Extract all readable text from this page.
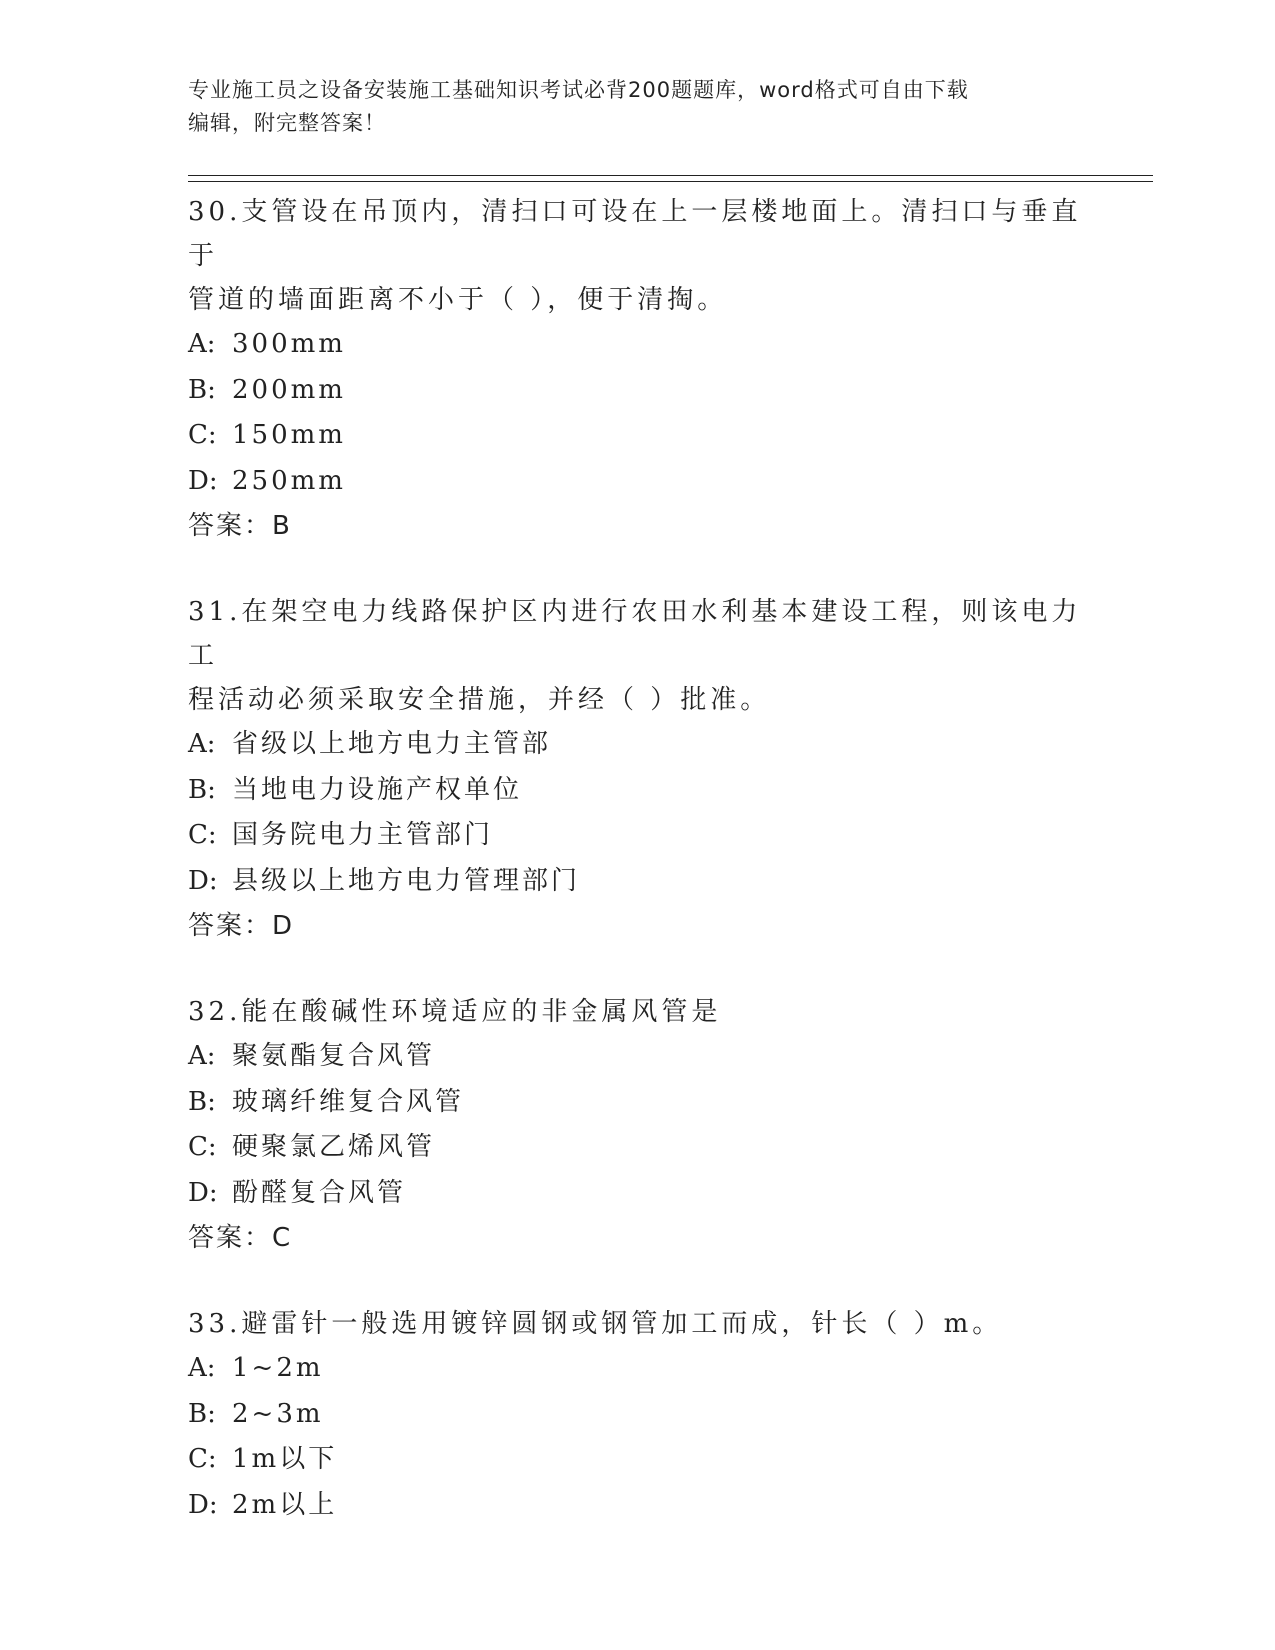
专业施工员之设备安装施工基础知识考试必背200题题库，word格式可自由下载
编辑，附完整答案！
30.支管设在吊顶内，清扫口可设在上一层楼地面上。清扫口与垂直于
管道的墙面距离不小于（ ），便于清掏。
A: 300mm
B: 200mm
C: 150mm
D: 250mm
答案：B
31.在架空电力线路保护区内进行农田水利基本建设工程，则该电力工
程活动必须采取安全措施，并经（ ）批准。
A: 省级以上地方电力主管部
B: 当地电力设施产权单位
C: 国务院电力主管部门
D: 县级以上地方电力管理部门
答案：D
32.能在酸碱性环境适应的非金属风管是
A: 聚氨酯复合风管
B: 玻璃纤维复合风管
C: 硬聚氯乙烯风管
D: 酚醛复合风管
答案：C
33.避雷针一般选用镀锌圆钢或钢管加工而成，针长（ ）m。
A: 1~2m
B: 2~3m
C: 1m以下
D: 2m以上
